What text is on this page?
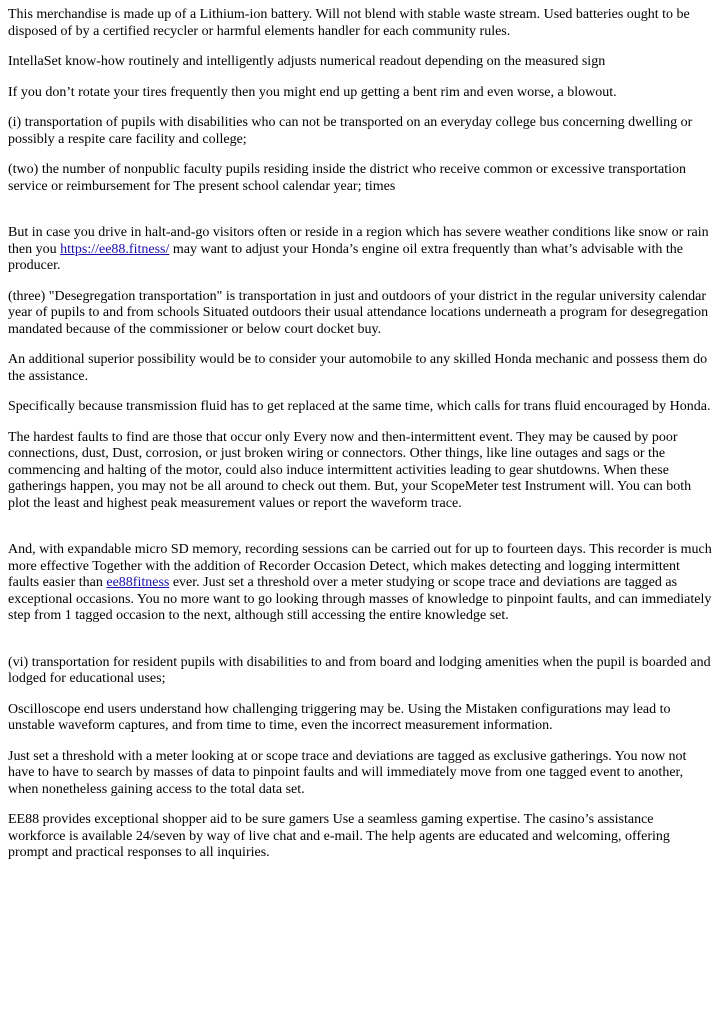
This merchandise is made up of a Lithium-ion battery. Will not blend with stable waste stream. Used batteries ought to be disposed of by a certified recycler or harmful elements handler for each community rules.

IntellaSet know-how routinely and intelligently adjusts numerical readout depending on the measured sign

If you don’t rotate your tires frequently then you might end up getting a bent rim and even worse, a blowout.

(i) transportation of pupils with disabilities who can not be transported on an everyday college bus concerning dwelling or possibly a respite care facility and college;

(two) the number of nonpublic faculty pupils residing inside the district who receive common or excessive transportation service or reimbursement for The present school calendar year; times

But in case you drive in halt-and-go visitors often or reside in a region which has severe weather conditions like snow or rain then you https://ee88.fitness/ may want to adjust your Honda’s engine oil extra frequently than what’s advisable with the producer.

(three) "Desegregation transportation" is transportation in just and outdoors of your district in the regular university calendar year of pupils to and from schools Situated outdoors their usual attendance locations underneath a program for desegregation mandated because of the commissioner or below court docket buy.

An additional superior possibility would be to consider your automobile to any skilled Honda mechanic and possess them do the assistance.

Specifically because transmission fluid has to get replaced at the same time, which calls for trans fluid encouraged by Honda.

The hardest faults to find are those that occur only Every now and then-intermittent event. They may be caused by poor connections, dust, Dust, corrosion, or just broken wiring or connectors. Other things, like line outages and sags or the commencing and halting of the motor, could also induce intermittent activities leading to gear shutdowns. When these gatherings happen, you may not be all around to check out them. But, your ScopeMeter test Instrument will. You can both plot the least and highest peak measurement values or report the waveform trace.

And, with expandable micro SD memory, recording sessions can be carried out for up to fourteen days. This recorder is much more effective Together with the addition of Recorder Occasion Detect, which makes detecting and logging intermittent faults easier than ee88fitness ever. Just set a threshold over a meter studying or scope trace and deviations are tagged as exceptional occasions. You no more want to go looking through masses of knowledge to pinpoint faults, and can immediately step from 1 tagged occasion to the next, although still accessing the entire knowledge set.

(vi) transportation for resident pupils with disabilities to and from board and lodging amenities when the pupil is boarded and lodged for educational uses;

Oscilloscope end users understand how challenging triggering may be. Using the Mistaken configurations may lead to unstable waveform captures, and from time to time, even the incorrect measurement information.

Just set a threshold with a meter looking at or scope trace and deviations are tagged as exclusive gatherings. You now not have to have to search by masses of data to pinpoint faults and will immediately move from one tagged event to another, when nonetheless gaining access to the total data set.

EE88 provides exceptional shopper aid to be sure gamers Use a seamless gaming expertise. The casino’s assistance workforce is available 24/seven by way of live chat and e-mail. The help agents are educated and welcoming, offering prompt and practical responses to all inquiries.
